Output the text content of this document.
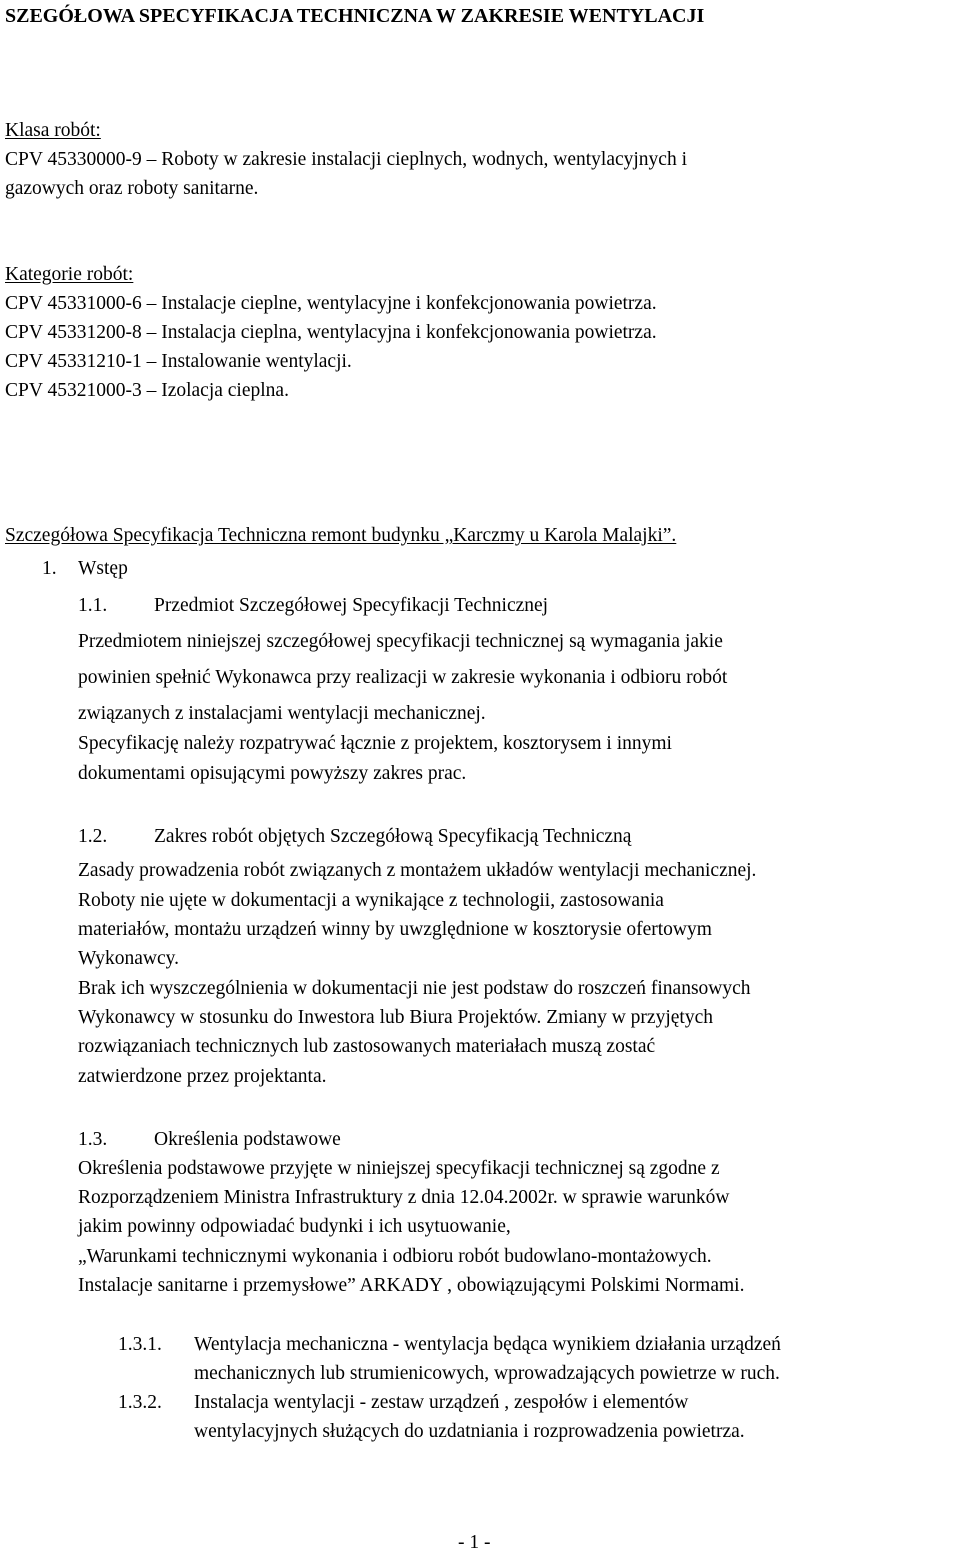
SZEGÓŁOWA SPECYFIKACJA TECHNICZNA W ZAKRESIE WENTYLACJI
Klasa robót:
CPV 45330000-9 – Roboty w zakresie instalacji cieplnych, wodnych, wentylacyjnych i
gazowych oraz roboty sanitarne.
Kategorie robót:
CPV 45331000-6 – Instalacje cieplne, wentylacyjne i konfekcjonowania powietrza.
CPV 45331200-8 – Instalacja cieplna, wentylacyjna i konfekcjonowania powietrza.
CPV 45331210-1 – Instalowanie wentylacji.
CPV 45321000-3 – Izolacja cieplna.
Szczegółowa Specyfikacja Techniczna remont budynku „Karczmy u Karola Malajki”.
1. Wstęp
1.1. Przedmiot Szczegółowej Specyfikacji Technicznej
Przedmiotem niniejszej szczegółowej specyfikacji technicznej są wymagania jakie
powinien spełnić Wykonawca przy realizacji w zakresie wykonania i odbioru robót
związanych z instalacjami wentylacji mechanicznej.
Specyfikację należy rozpatrywać łącznie z projektem, kosztorysem i innymi
dokumentami opisującymi powyższy zakres prac.
1.2. Zakres robót objętych Szczegółową Specyfikacją Techniczną
Zasady prowadzenia robót związanych z montażem układów wentylacji mechanicznej.
Roboty nie ujęte w dokumentacji a wynikające z technologii, zastosowania
materiałów, montażu urządzeń winny by uwzględnione w kosztorysie ofertowym
Wykonawcy.
Brak ich wyszczególnienia w dokumentacji nie jest podstaw do roszczeń finansowych
Wykonawcy w stosunku do Inwestora lub Biura Projektów. Zmiany w przyjętych
rozwiązaniach technicznych lub zastosowanych materiałach muszą zostać
zatwierdzone przez projektanta.
1.3. Określenia podstawowe
Określenia podstawowe przyjęte w niniejszej specyfikacji technicznej są zgodne z
Rozporządzeniem Ministra Infrastruktury z dnia 12.04.2002r. w sprawie warunków
jakim powinny odpowiadać budynki i ich usytuowanie,
„Warunkami technicznymi wykonania i odbioru robót budowlano-montażowych.
Instalacje sanitarne i przemysłowe” ARKADY , obowiązującymi Polskimi Normami.
1.3.1. Wentylacja mechaniczna - wentylacja będąca wynikiem działania urządzeń
mechanicznych lub strumienicowych, wprowadzających powietrze w ruch.
1.3.2. Instalacja wentylacji - zestaw urządzeń , zespołów i elementów
wentylacyjnych służących do uzdatniania i rozprowadzenia powietrza.
- 1 -
